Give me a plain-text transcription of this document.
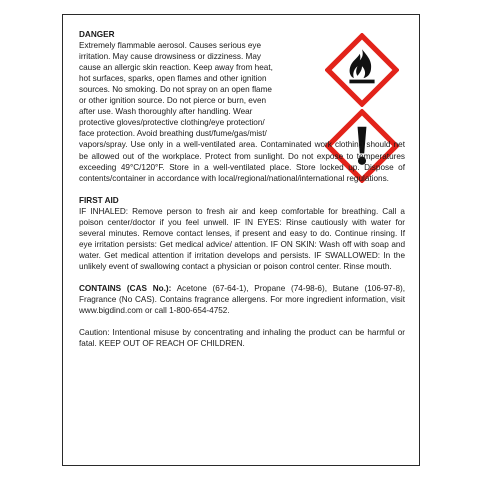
DANGER

Extremely flammable aerosol. Causes serious eye
irritation. May cause drowsiness or dizziness. May
cause an allergic skin reaction. Keep away from heat,
hot surfaces, sparks, open flames and other ignition
sources. No smoking. Do not spray on an open flame
or other ignition source. Do not pierce or burn, even
after use. Wash thoroughly after handling. Wear
protective gloves/protective clothing/eye protection/
face protection. Avoid breathing dust/fume/gas/mist/

vapors/spray. Use only in a well-ventilated area. Contaminated work clothing should net be allowed out of the workplace. Protect from sunlight. Do not expose to temperatures exceeding 49°C/120°F. Store in a well-ventilated place. Store locked up. Dispose of contents/container in accordance with local/regional/national/international regulations.

FIRST AID

IF INHALED: Remove person to fresh air and keep comfortable for breathing. Call a poison center/doctor if you feel unwell. IF IN EYES: Rinse cautiously with water for several minutes. Remove contact lenses, if present and easy to do. Continue rinsing. If eye irritation persists: Get medical advice/ attention. IF ON SKIN: Wash off with soap and water. Get medical attention if irritation develops and persists. IF SWALLOWED: In the unlikely event of swallowing contact a physician or poison control center. Rinse mouth.

CONTAINS (CAS No.): Acetone (67-64-1), Propane (74-98-6), Butane (106-97-8), Fragrance (No CAS). Contains fragrance allergens. For more ingredient information, visit www.bigdind.com or call 1-800-654-4752.

Caution: Intentional misuse by concentrating and inhaling the product can be harmful or fatal. KEEP OUT OF REACH OF CHILDREN.
